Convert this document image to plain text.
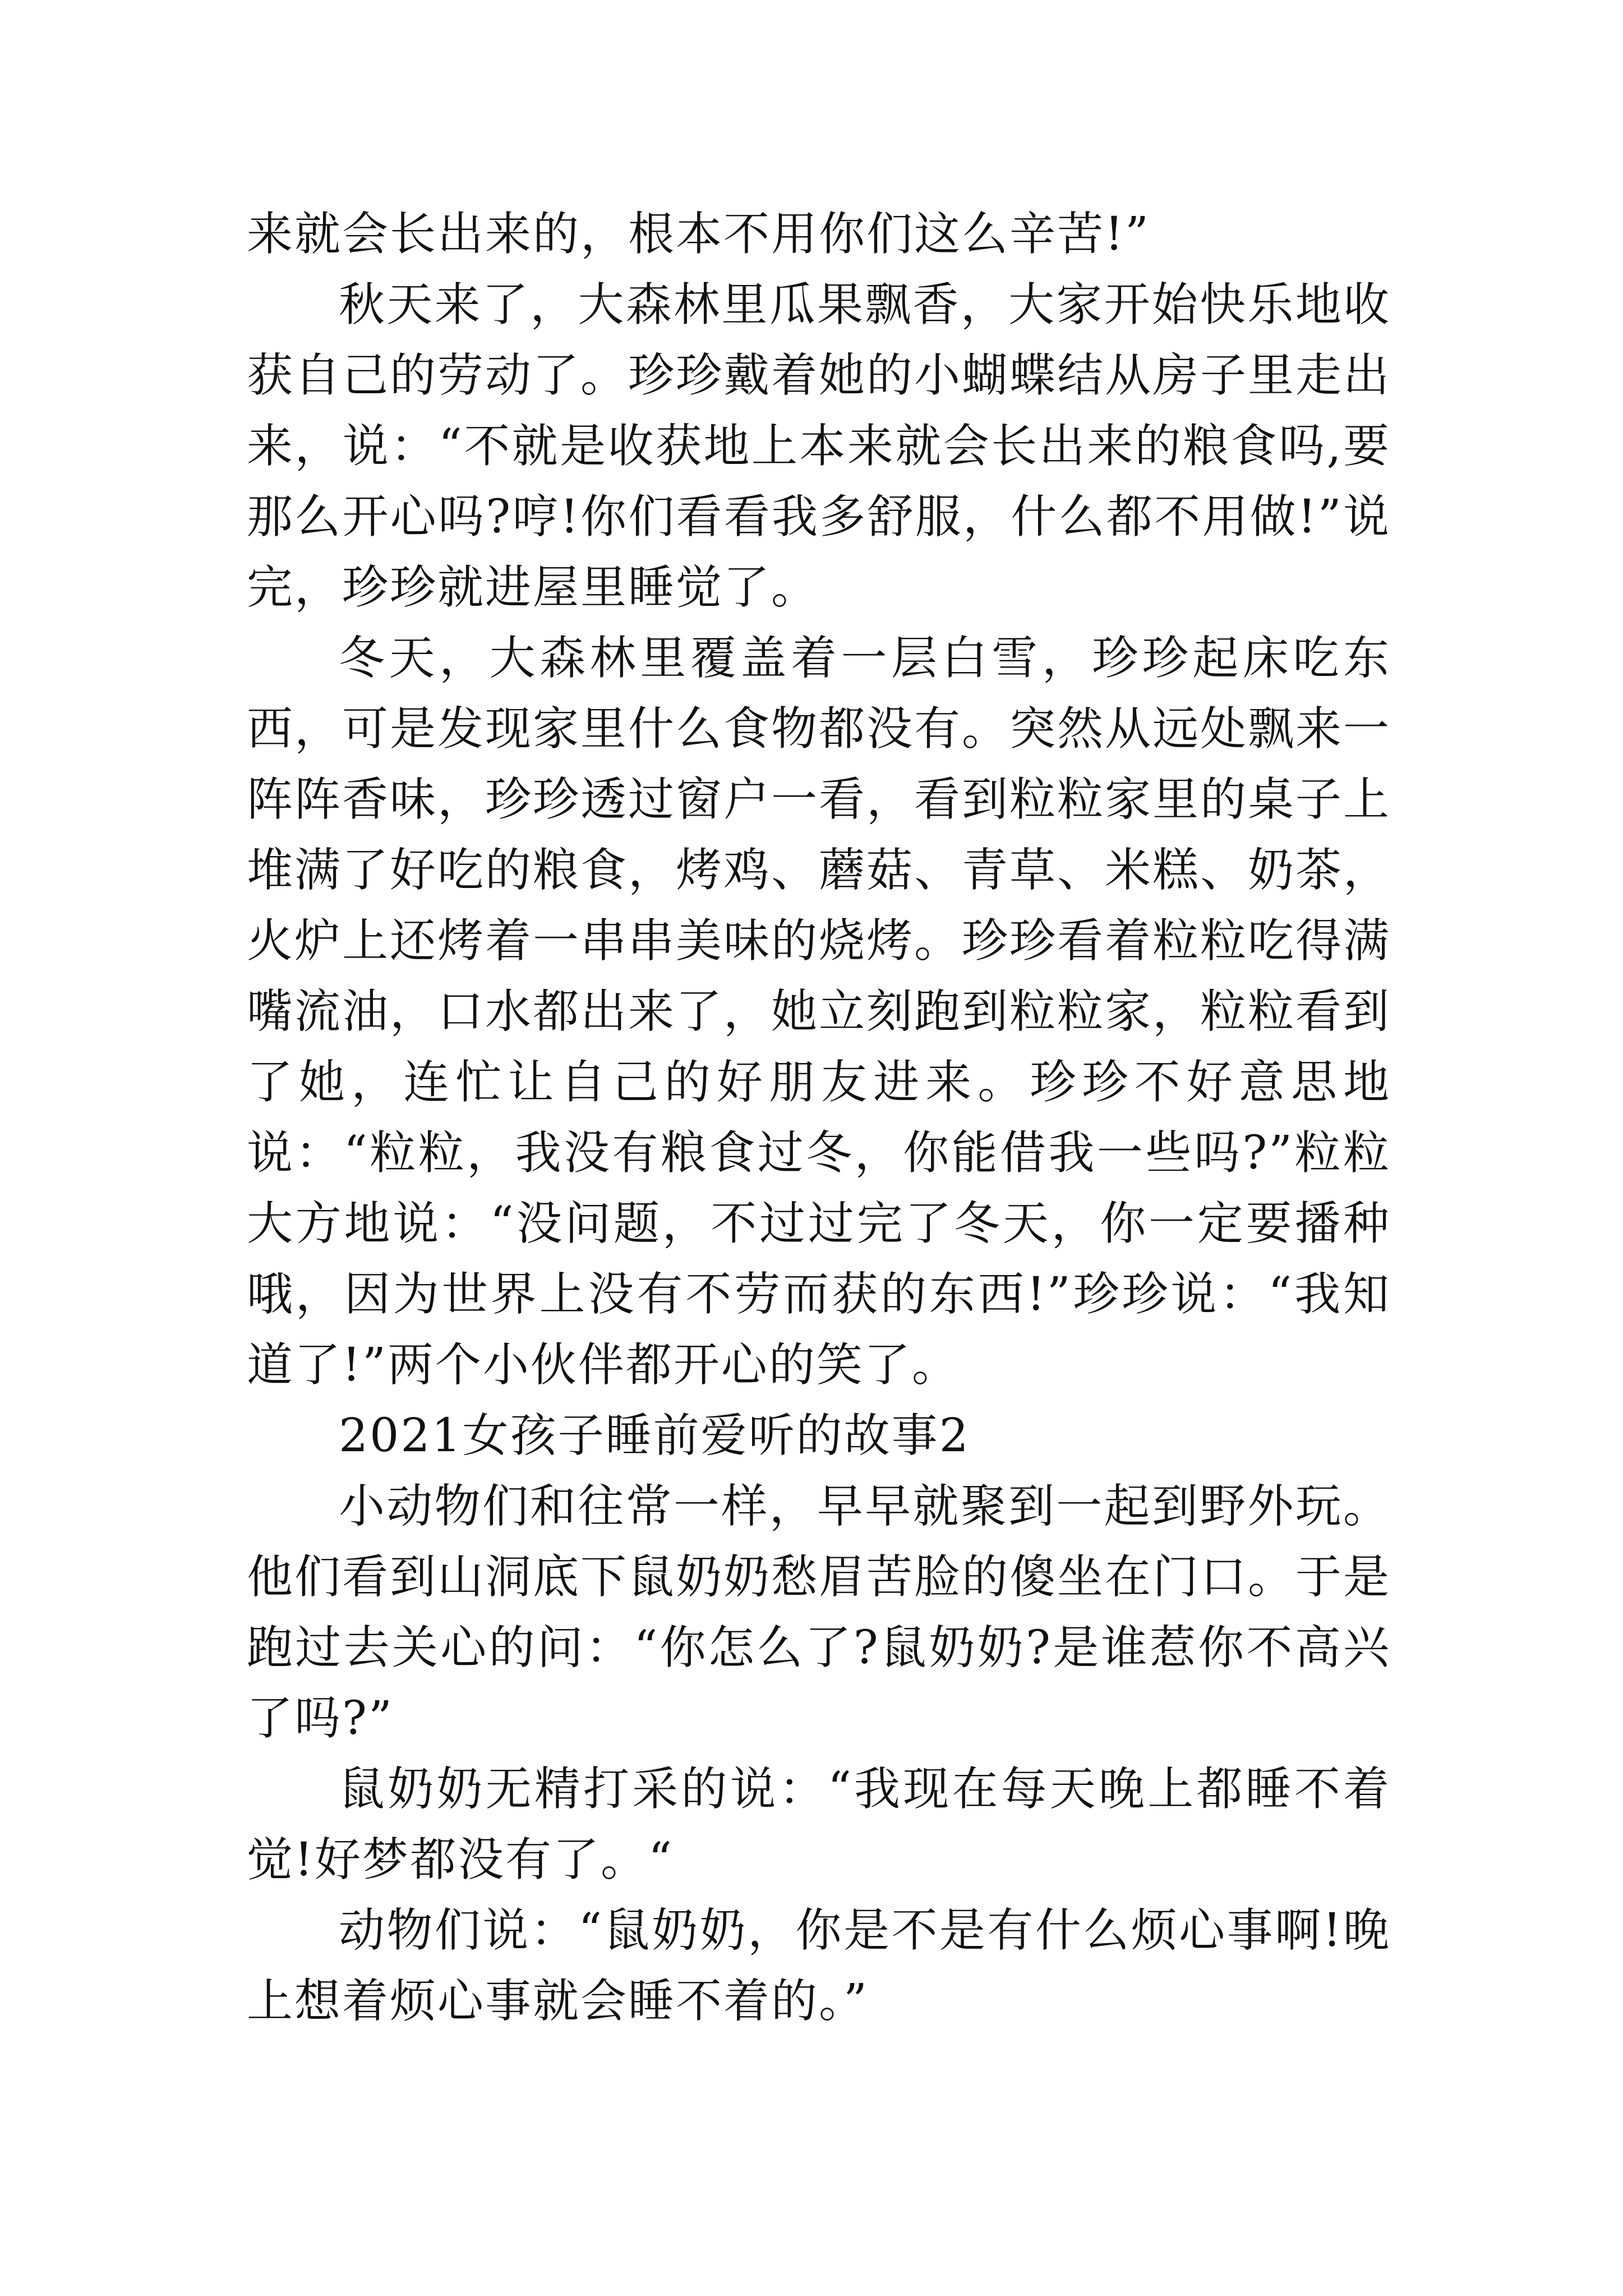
来就会长出来的，根本不用你们这么辛苦!”

秋天来了，大森林里瓜果飘香，大家开始快乐地收获自己的劳动了。珍珍戴着她的小蝴蝶结从房子里走出来，说：“不就是收获地上本来就会长出来的粮食吗,要那么开心吗?哼!你们看看我多舒服，什么都不用做!”说完，珍珍就进屋里睡觉了。

冬天，大森林里覆盖着一层白雪，珍珍起床吃东西，可是发现家里什么食物都没有。突然从远处飘来一阵阵香味，珍珍透过窗户一看，看到粒粒家里的桌子上堆满了好吃的粮食，烤鸡、蘑菇、青草、米糕、奶茶，火炉上还烤着一串串美味的烧烤。珍珍看着粒粒吃得满嘴流油，口水都出来了，她立刻跑到粒粒家，粒粒看到了她，连忙让自己的好朋友进来。珍珍不好意思地说：“粒粒，我没有粮食过冬，你能借我一些吗?”粒粒大方地说：“没问题，不过过完了冬天，你一定要播种哦，因为世界上没有不劳而获的东西!”珍珍说：“我知道了!”两个小伙伴都开心的笑了。

2021女孩子睡前爱听的故事2

小动物们和往常一样，早早就聚到一起到野外玩。他们看到山洞底下鼠奶奶愁眉苦脸的傻坐在门口。于是跑过去关心的问：“你怎么了?鼠奶奶?是谁惹你不高兴了吗?”

鼠奶奶无精打采的说：“我现在每天晚上都睡不着觉!好梦都没有了。“

动物们说：“鼠奶奶，你是不是有什么烦心事啊!晚上想着烦心事就会睡不着的。”
